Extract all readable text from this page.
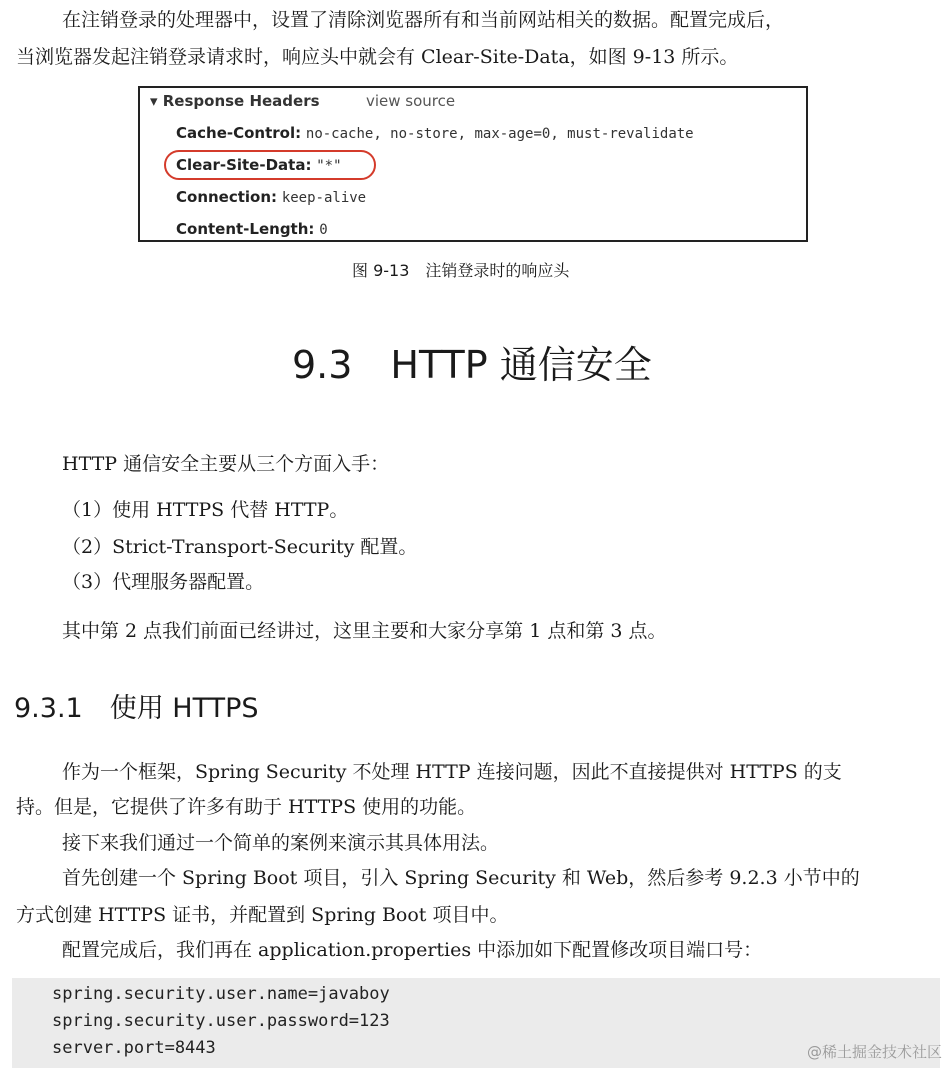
在注销登录的处理器中，设置了清除浏览器所有和当前网站相关的数据。配置完成后，
当浏览器发起注销登录请求时，响应头中就会有 Clear-Site-Data，如图 9-13 所示。
▾ Response Headers	view source
Cache-Control: no-cache, no-store, max-age=0, must-revalidate
Clear-Site-Data: "*"
Connection: keep-alive
Content-Length: 0
图 9-13　注销登录时的响应头
9.3　HTTP 通信安全
HTTP 通信安全主要从三个方面入手：
（1）使用 HTTPS 代替 HTTP。
（2）Strict-Transport-Security 配置。
（3）代理服务器配置。
其中第 2 点我们前面已经讲过，这里主要和大家分享第 1 点和第 3 点。
9.3.1　使用 HTTPS
作为一个框架，Spring Security 不处理 HTTP 连接问题，因此不直接提供对 HTTPS 的支
持。但是，它提供了许多有助于 HTTPS 使用的功能。
接下来我们通过一个简单的案例来演示其具体用法。
首先创建一个 Spring Boot 项目，引入 Spring Security 和 Web，然后参考 9.2.3 小节中的
方式创建 HTTPS 证书，并配置到 Spring Boot 项目中。
配置完成后，我们再在 application.properties 中添加如下配置修改项目端口号：
spring.security.user.name=javaboy
spring.security.user.password=123
server.port=8443	@稀土掘金技术社区
